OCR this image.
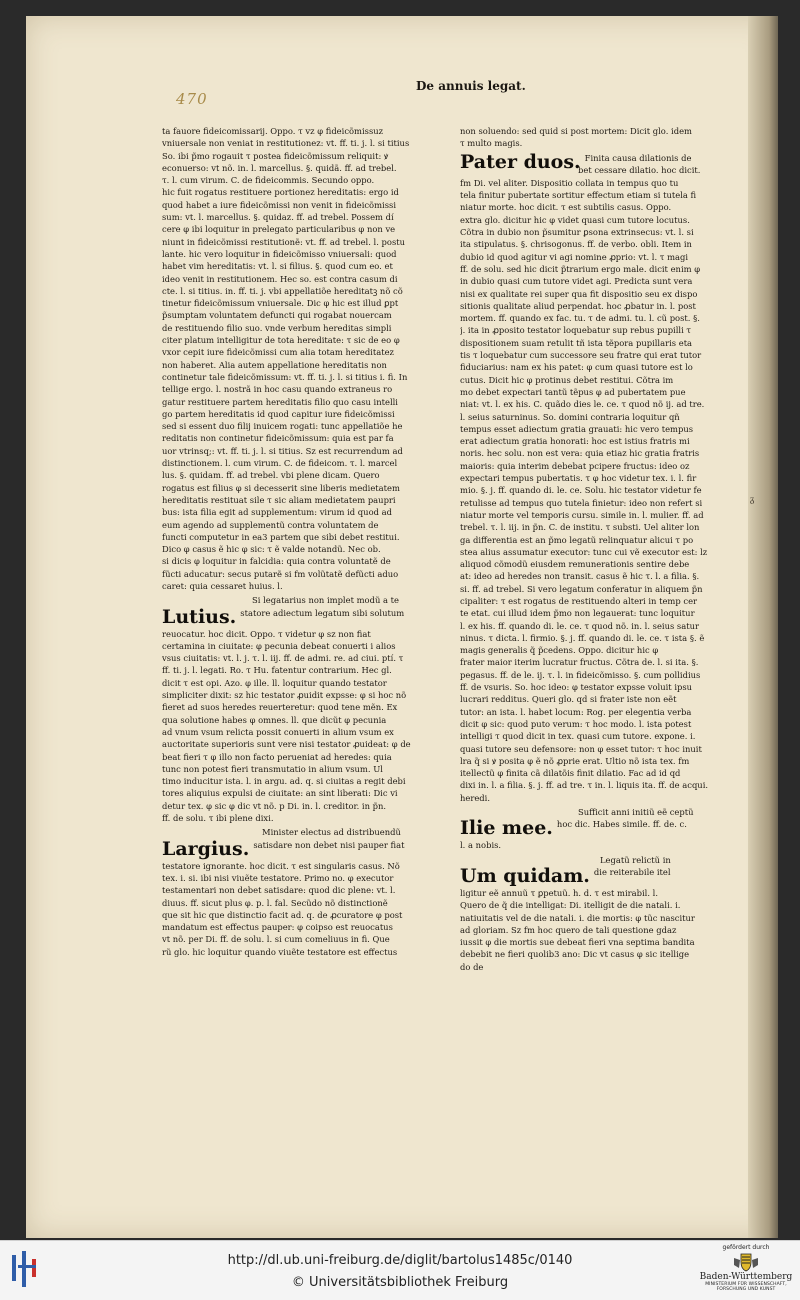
470
De annuis legat.
ᵹ
ta fauore fideicomissarij. Oppo. τ vz φ fideicõmissuz
vniuersale non veniat in restitutionez: vt. ff. ti. j. l. si titius
So. ibi p̃mo rogauit τ postea fideicõmissum reliquit: ꝟ
econuerso: vt nõ. in. l. marcellus. §. quidã. ff. ad trebel.
τ. l. cum virum. C. de fideicommis. Secundo oppo.
hic fuit rogatus restituere portionez hereditatis: ergo id
quod habet a iure fideicõmissi non venit in fideicõmissi
sum: vt. l. marcellus. §. quidaz. ff. ad trebel. Possem dí
cere φ ibi loquitur in prelegato particularibus φ non ve
niunt in fideicõmissi restitutionẽ: vt. ff. ad trebel. l. postu
lante. hic vero loquitur in fideicõmisso vniuersali: quod
habet vim hereditatis: vt. l. si filius. §. quod cum eo. et
ideo venit in restitutionem. Hec so. est contra casum di
cte. l. si titius. in. ff. ti. j. vbi appellatiõe hereditatꝫ nõ cõ
tinetur fideicõmissum vniuersale. Dic φ hic est illud ꝑpt
p̃sumptam voluntatem defuncti qui rogabat nouercam
de restituendo filio suo. vnde verbum hereditas simpli
citer platum intelligitur de tota hereditate: τ sic de eo φ
vxor cepit iure fideicõmissi cum alia totam hereditatez
non haberet. Alia autem appellatione hereditatis non
continetur tale fideicõmissum: vt. ff. ti. j. l. si titius i. fi. In
tellige ergo. l. nostrã in hoc casu quando extraneus ro
gatur restituere partem hereditatis filio quo casu intelli
go partem hereditatis id quod capitur iure fideicõmissi
sed si essent duo filij inuicem rogati: tunc appellatiõe he
reditatis non continetur fideicõmissum: quia est par fa
uor vtrinsq;: vt. ff. ti. j. l. si titius. Sz est recurrendum ad
distinctionem. l. cum virum. C. de fideicom. τ. l. marcel
lus. §. quidam. ff. ad trebel. vbi plene dicam. Quero
rogatus est filius φ si decesserit sine liberis medietatem
hereditatis restituat sile τ sic aliam medietatem paupri
bus: ista filia egit ad supplementum: virum id quod ad
eum agendo ad supplementũ contra voluntatem de
functi computetur in ea3 partem que sibi debet restitui.
Dico φ casus ẽ hic φ sic: τ ẽ valde notandũ. Nec ob.
si dicis φ loquitur in falcidia: quia contra voluntatẽ de
fũcti aducatur: secus putarẽ si fm volũtatẽ defũcti aduo
caret: quia cessaret huius. l.
Si legatarius non implet modũ a te
Lutius. statore adiectum legatum sibi solutum
reuocatur. hoc dicit. Oppo. τ videtur φ sz non fiat
certamina in ciuitate: φ pecunia debeat conuerti i alios
vsus ciuitatis: vt. l. j. τ. l. iij. ff. de admi. re. ad ciui. ptí. τ
ff. ti. j. l. legati. Ro. τ Hu. fatentur contrarium. Hec gl.
dicit τ est opi. Azo. φ ille. ll. loquitur quando testator
simpliciter dixit: sz hic testator ꝓuidit expsse: φ si hoc nõ
fieret ad suos heredes reuerteretur: quod tene mẽn. Ex
qua solutione habes φ omnes. ll. que dicũt φ pecunia
ad vnum vsum relicta possit conuerti in alium vsum ex
auctoritate superioris sunt vere nisi testator ꝓuideat: φ de
beat fieri τ φ illo non facto perueniat ad heredes: quia
tunc non potest fieri transmutatio in alium vsum. Ul
timo inducitur ista. l. in argu. ad. q. si ciuitas a regit debi
tores aliquius expulsi de ciuitate: an sint liberati: Dic vi
detur tex. φ sic φ dic vt nõ. p Di. in. l. creditor. in p̃n.
ff. de solu. τ ibi plene dixi.
Minister electus ad distribuendũ
Largius. satisdare non debet nisi pauper fiat
testatore ignorante. hoc dicit. τ est singularis casus. Nõ
tex. i. si. ibi nisi viuẽte testatore. Primo no. φ executor
testamentari non debet satisdare: quod dic plene: vt. l.
diuus. ff. sicut plus φ. p. l. fal. Secũdo nõ distinctionẽ
que sit hic que distinctio facit ad. q. de ꝓcuratore φ post
mandatum est effectus pauper: φ coipso est reuocatus
vt nõ. per Di. ff. de solu. l. si cum comeliuus in fi. Que
rũ glo. hic loquitur quando viuẽte testatore est effectus
non soluendo: sed quid si post mortem: Dicit glo. idem
τ multo magis.
Pater duos. Finita causa dilationis de
bet cessare dilatio. hoc dicit.
fm Di. vel aliter. Dispositio collata in tempus quo tu
tela finitur pubertate sortitur effectum etiam si tutela fi
niatur morte. hoc dicit. τ est subtilis casus. Oppo.
extra glo. dicitur hic φ videt quasi cum tutore locutus.
Cõtra in dubio non p̃sumitur ꝑsona extrinsecus: vt. l. si
ita stipulatus. §. chrisogonus. ff. de verbo. obli. Item in
dubio id quod agitur vi agi nomine ꝓprio: vt. l. τ magi
ff. de solu. sed hic dicit p̃trarium ergo male. dicit enim φ
in dubio quasi cum tutore videt agi. Predicta sunt vera
nisi ex qualitate rei super qua fit dispositio seu ex dispo
sitionis qualitate aliud perpendat. hoc ꝓbatur in. l. post
mortem. ff. quando ex fac. tu. τ de admi. tu. l. cũ post. §.
j. ita in ꝓposito testator loquebatur sup rebus pupilli τ
dispositionem suam retulit tñ ista tẽpora pupillaris eta
tis τ loquebatur cum successore seu fratre qui erat tutor
fiduciarius: nam ex his patet: φ cum quasi tutore est lo
cutus. Dicit hic φ protinus debet restitui. Cõtra im
mo debet expectari tantũ tẽpus φ ad pubertatem pue
niat: vt. l. ex his. C. quãdo dies le. ce. τ quod nõ ij. ad tre.
l. seius saturninus. So. domini contraria loquitur qñ
tempus esset adiectum gratia grauati: hic vero tempus
erat adiectum gratia honorati: hoc est istius fratris mi
noris. hec solu. non est vera: quia etiaz hic gratia fratris
maioris: quia interim debebat pcipere fructus: ideo oz
expectari tempus pubertatis. τ φ hoc videtur tex. i. l. fir
mio. §. j. ff. quando di. le. ce. Solu. hic testator videtur fe
retulisse ad tempus quo tutela finietur: ideo non refert si
niatur morte vel temporis cursu. simile in. l. mulier. ff. ad
trebel. τ. l. iij. in p̃n. C. de institu. τ substi. Uel aliter lon
ga differentia est an p̃mo legatũ relinquatur alicui τ po
stea alius assumatur executor: tunc cui vẽ executor est: lz
aliquod cõmodũ eiusdem remunerationis sentire debe
at: ideo ad heredes non transit. casus ẽ hic τ. l. a filia. §.
si. ff. ad trebel. Si vero legatum conferatur in aliquem p̃n
cipaliter: τ est rogatus de restituendo alteri in temp cer
te etat. cui illud idem p̃mo non legauerat: tunc loquitur
l. ex his. ff. quando di. le. ce. τ quod nõ. in. l. seius satur
ninus. τ dicta. l. firmio. §. j. ff. quando di. le. ce. τ ista §. ẽ
magis generalis q̃ p̃cedens. Oppo. dicitur hic φ
frater maior iterim lucratur fructus. Cõtra de. l. si ita. §.
pegasus. ff. de le. ij. τ. l. in fideicõmisso. §. cum pollidius
ff. de vsuris. So. hoc ideo: φ testator expsse voluit ipsu
lucrari redditus. Queri glo. qd si frater iste non eẽt
tutor: an ista. l. habet locum: Rog. per elegentia verba
dicit φ sic: quod puto verum: τ hoc modo. l. ista potest
intelligi τ quod dicit in tex. quasi cum tutore. expone. i.
quasi tutore seu defensore: non φ esset tutor: τ hoc inuit
lra q̃ si ꝟ posita φ ẽ nõ ꝓprie erat. Ultio nõ ista tex. fm
itellectũ φ finita cã dilatõis finit dilatio. Fac ad id qd
dixi in. l. a filia. §. j. ff. ad tre. τ in. l. liquis ita. ff. de acqui.
heredi.
Sufficit anni initiũ eẽ ceptũ
Ilie mee. hoc dic. Habes simile. ff. de. c.
l. a nobis.
Legatũ relictũ in
Um quidam. die reiterabile itel
ligitur eẽ annuũ τ ꝑpetuũ. h. d. τ est mirabil. l.
Quero de q̃ die intelligat: Di. itelligit de die natali. i.
natiuitatis vel de die natali. i. die mortis: φ tũc nascitur
ad gloriam. Sz fm hoc quero de tali questione gdaz
iussit φ die mortis sue debeat fieri vna septima bandita
debebit ne fieri quolib3 ano: Dic vt casus φ sic itellige
do de
http://dl.ub.uni-freiburg.de/diglit/bartolus1485c/0140
© Universitätsbibliothek Freiburg
gefördert durch
Baden-Württemberg
MINISTERIUM FÜR WISSENSCHAFT, FORSCHUNG UND KUNST
